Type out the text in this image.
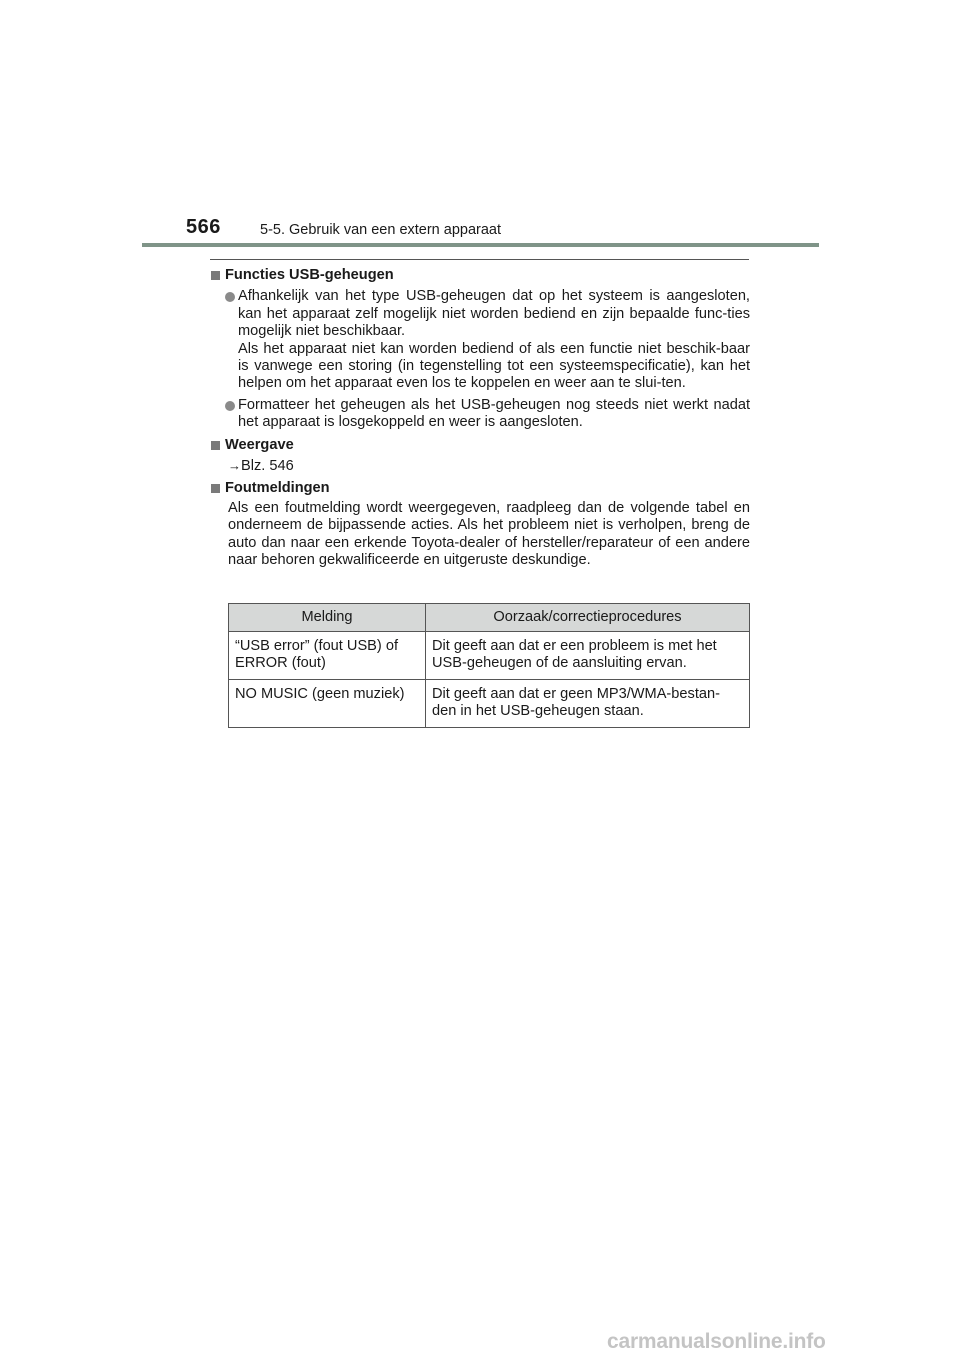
566	5-5. Gebruik van een extern apparaat
Functies USB-geheugen

Afhankelijk van het type USB-geheugen dat op het systeem is aangesloten, kan het apparaat zelf mogelijk niet worden bediend en zijn bepaalde func-ties mogelijk niet beschikbaar.

Als het apparaat niet kan worden bediend of als een functie niet beschik-baar is vanwege een storing (in tegenstelling tot een systeemspecificatie), kan het helpen om het apparaat even los te koppelen en weer aan te slui-ten.

Formatteer het geheugen als het USB-geheugen nog steeds niet werkt nadat het apparaat is losgekoppeld en weer is aangesloten.

Weergave
→Blz. 546
Foutmeldingen
Als een foutmelding wordt weergegeven, raadpleeg dan de volgende tabel en onderneem de bijpassende acties. Als het probleem niet is verholpen, breng de auto dan naar een erkende Toyota-dealer of hersteller/reparateur of een andere naar behoren gekwalificeerde en uitgeruste deskundige.
Melding	Oorzaak/correctieprocedures
“USB error” (fout USB) of ERROR (fout)	Dit geeft aan dat er een probleem is met het USB-geheugen of de aansluiting ervan.
NO MUSIC (geen muziek)	Dit geeft aan dat er geen MP3/WMA-bestan-den in het USB-geheugen staan.
carmanualsonline.info
